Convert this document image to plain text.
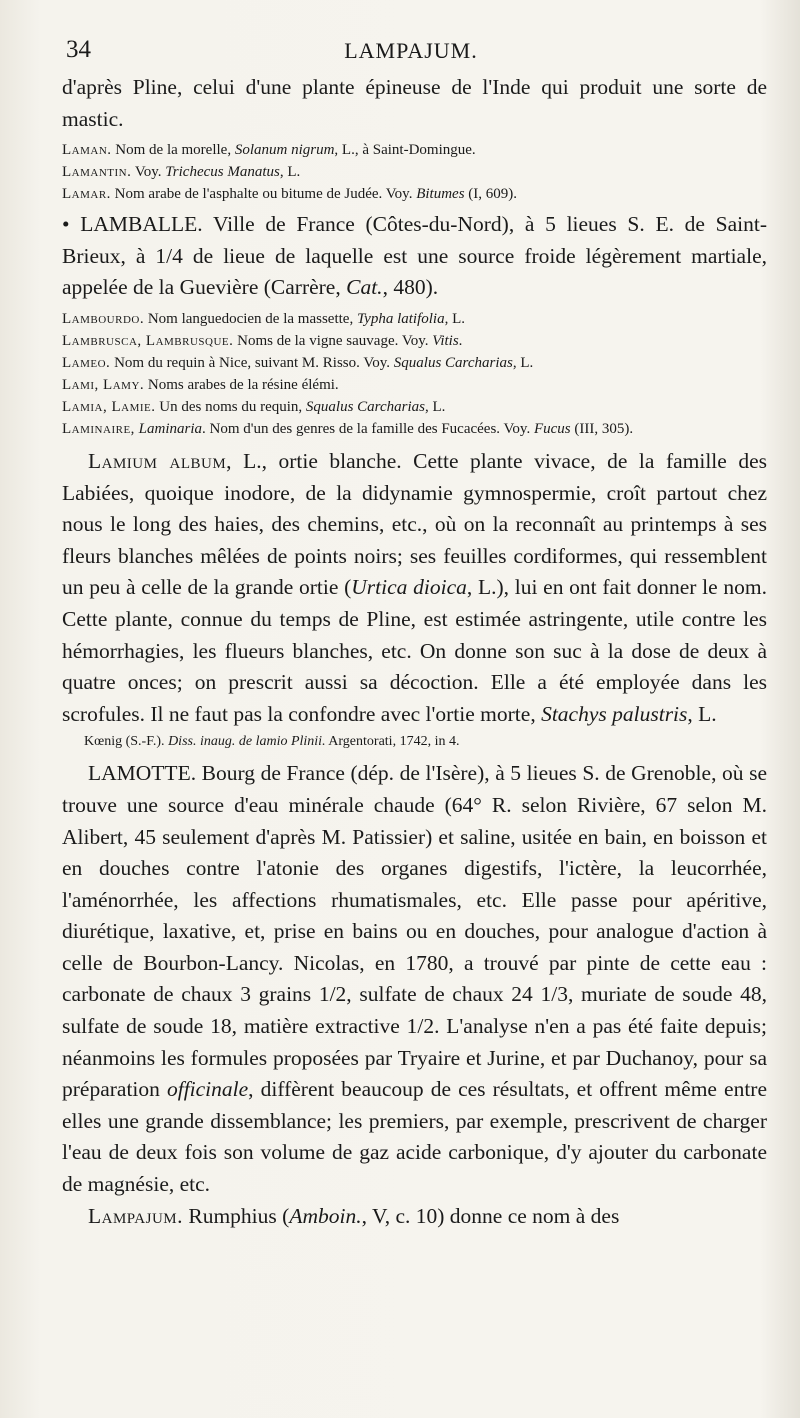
34	LAMPAJUM.

d'après Pline, celui d'une plante épineuse de l'Inde qui produit une sorte de mastic.

Laman. Nom de la morelle, Solanum nigrum, L., à Saint-Domingue.

Lamantin. Voy. Trichecus Manatus, L.

Lamar. Nom arabe de l'asphalte ou bitume de Judée. Voy. Bitumes (I, 609).

• LAMBALLE. Ville de France (Côtes-du-Nord), à 5 lieues S. E. de Saint-Brieux, à 1/4 de lieue de laquelle est une source froide légèrement martiale, appelée de la Guevière (Carrère, Cat., 480).

Lambourdo. Nom languedocien de la massette, Typha latifolia, L.

Lambrusca, Lambrusque. Noms de la vigne sauvage. Voy. Vitis.

Lameo. Nom du requin à Nice, suivant M. Risso. Voy. Squalus Carcharias, L.

Lami, Lamy. Noms arabes de la résine élémi.

Lamia, Lamie. Un des noms du requin, Squalus Carcharias, L.

Laminaire, Laminaria. Nom d'un des genres de la famille des Fucacées. Voy. Fucus (III, 305).

Lamium album, L., ortie blanche. Cette plante vivace, de la famille des Labiées, quoique inodore, de la didynamie gymnospermie, croît partout chez nous le long des haies, des chemins, etc., où on la reconnaît au printemps à ses fleurs blanches mêlées de points noirs; ses feuilles cordiformes, qui ressemblent un peu à celle de la grande ortie (Urtica dioica, L.), lui en ont fait donner le nom. Cette plante, connue du temps de Pline, est estimée astringente, utile contre les hémorrhagies, les flueurs blanches, etc. On donne son suc à la dose de deux à quatre onces; on prescrit aussi sa décoction. Elle a été employée dans les scrofules. Il ne faut pas la confondre avec l'ortie morte, Stachys palustris, L.

Kœnig (S.-F.). Diss. inaug. de lamio Plinii. Argentorati, 1742, in 4.

LAMOTTE. Bourg de France (dép. de l'Isère), à 5 lieues S. de Grenoble, où se trouve une source d'eau minérale chaude (64° R. selon Rivière, 67 selon M. Alibert, 45 seulement d'après M. Patissier) et saline, usitée en bain, en boisson et en douches contre l'atonie des organes digestifs, l'ictère, la leucorrhée, l'aménorrhée, les affections rhumatismales, etc. Elle passe pour apéritive, diurétique, laxative, et, prise en bains ou en douches, pour analogue d'action à celle de Bourbon-Lancy. Nicolas, en 1780, a trouvé par pinte de cette eau : carbonate de chaux 3 grains 1/2, sulfate de chaux 24 1/3, muriate de soude 48, sulfate de soude 18, matière extractive 1/2. L'analyse n'en a pas été faite depuis; néanmoins les formules proposées par Tryaire et Jurine, et par Duchanoy, pour sa préparation officinale, diffèrent beaucoup de ces résultats, et offrent même entre elles une grande dissemblance; les premiers, par exemple, prescrivent de charger l'eau de deux fois son volume de gaz acide carbonique, d'y ajouter du carbonate de magnésie, etc.

Lampajum. Rumphius (Amboin., V, c. 10) donne ce nom à des
